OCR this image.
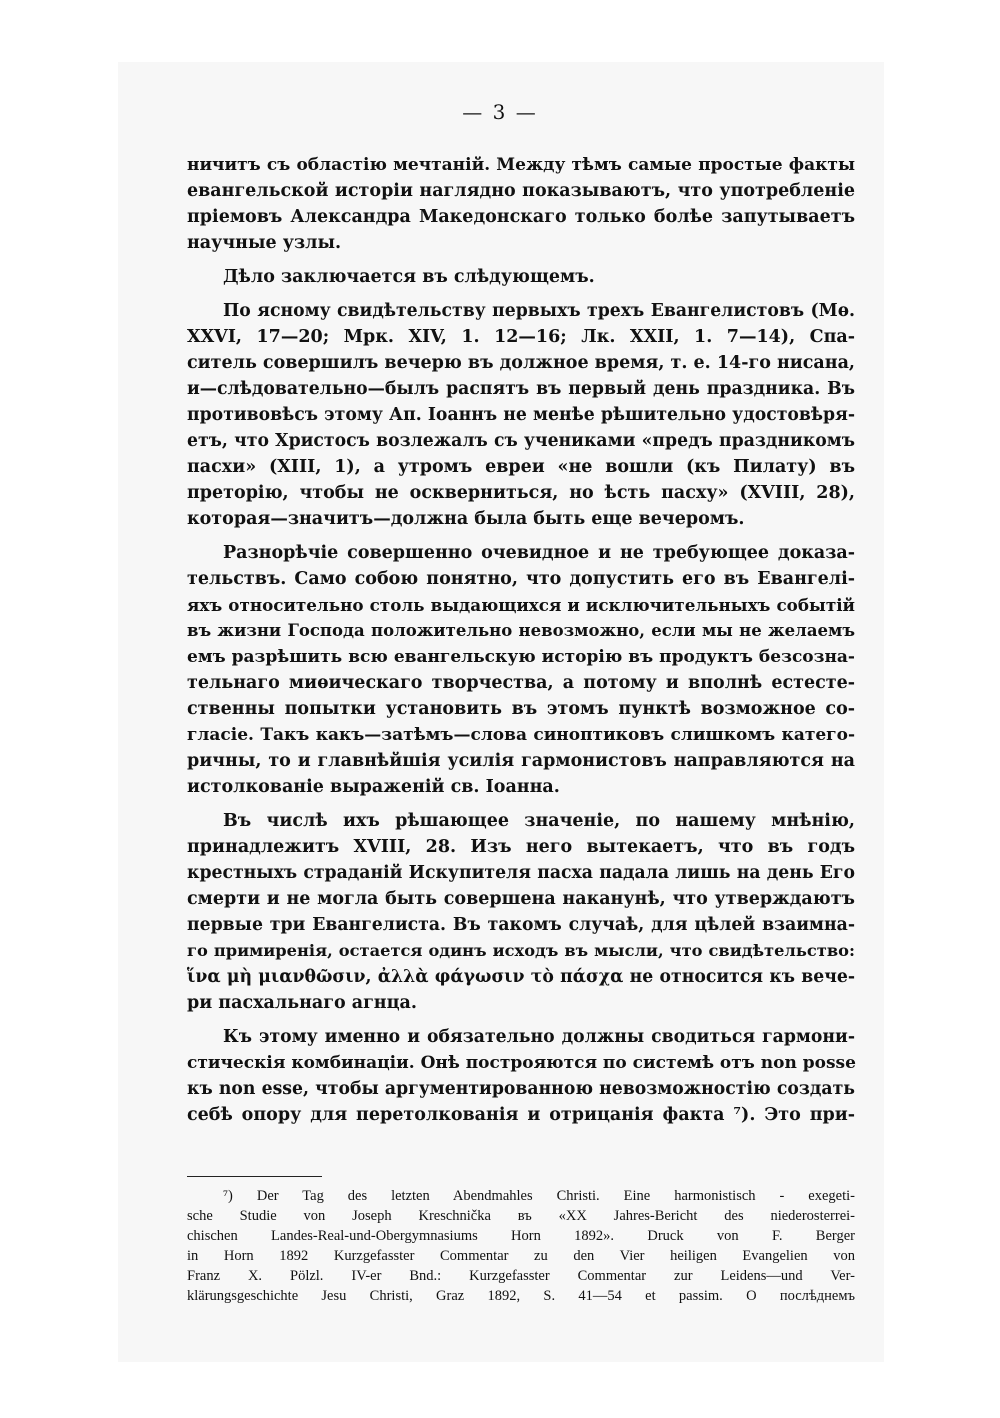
— 3 —
ничитъ съ областію мечтаній. Между тѣмъ самые простые факты
евангельской исторіи наглядно показываютъ, что употребленіе
пріемовъ Александра Македонскаго только болѣе запутываетъ
научные узлы.
Дѣло заключается въ слѣдующемъ.
По ясному свидѣтельству первыхъ трехъ Евангелистовъ (Мѳ.
XXVI, 17—20; Мрк. XIV, 1. 12—16; Лк. XXII, 1. 7—14), Спа-
ситель совершилъ вечерю въ должное время, т. е. 14-го нисана,
и—слѣдовательно—былъ распятъ въ первый день праздника. Въ
противовѣсъ этому Ап. Іоаннъ не менѣе рѣшительно удостовѣря-
етъ, что Христосъ возлежалъ съ учениками «предъ праздникомъ
пасхи» (XIII, 1), а утромъ евреи «не вошли (къ Пилату) въ
преторію, чтобы не оскверниться, но ѣсть пасху» (XVIII, 28),
которая—значитъ—должна была быть еще вечеромъ.
Разнорѣчіе совершенно очевидное и не требующее доказа-
тельствъ. Само собою понятно, что допустить его въ Евангелі-
яхъ относительно столь выдающихся и исключительныхъ событій
въ жизни Господа положительно невозможно, если мы не желаемъ
емъ разрѣшить всю евангельскую исторію въ продуктъ безсозна-
тельнаго миѳическаго творчества, а потому и вполнѣ естесте-
ственны попытки установить въ этомъ пунктѣ возможное со-
гласіе. Такъ какъ—затѣмъ—слова синоптиковъ слишкомъ катего-
ричны, то и главнѣйшія усилія гармонистовъ направляются на
истолкованіе выраженій св. Іоанна.
Въ числѣ ихъ рѣшающее значеніе, по нашему мнѣнію,
принадлежитъ XVIII, 28. Изъ него вытекаетъ, что въ годъ
крестныхъ страданій Искупителя пасха падала лишь на день Его
смерти и не могла быть совершена наканунѣ, что утверждаютъ
первые три Евангелиста. Въ такомъ случаѣ, для цѣлей взаимна-
го примиренія, остается одинъ исходъ въ мысли, что свидѣтельство:
ἵνα μὴ μιανθῶσιν, ἀλλὰ φάγωσιν τὸ πάσχα не относится къ вече-
ри пасхальнаго агнца.
Къ этому именно и обязательно должны сводиться гармони-
стическія комбинаціи. Онѣ построяются по системѣ отъ non posse
къ non esse, чтобы аргументированною невозможностію создать
себѣ опору для перетолкованія и отрицанія факта ⁷). Это при-
⁷) Der Tag des letzten Abendmahles Christi. Eine harmonistisch - exegeti-
sche Studie von Joseph Kreschnička въ «XX Jahres-Bericht des niederosterrei-
chischen Landes-Real-und-Obergymnasiums Horn 1892». Druck von F. Berger
in Horn 1892 Kurzgefasster Commentar zu den Vier heiligen Evangelien von
Franz X. Pölzl. IV-er Bnd.: Kurzgefasster Commentar zur Leidens—und Ver-
klärungsgeschichte Jesu Christi, Graz 1892, S. 41—54 et passim. О послѣднемъ
